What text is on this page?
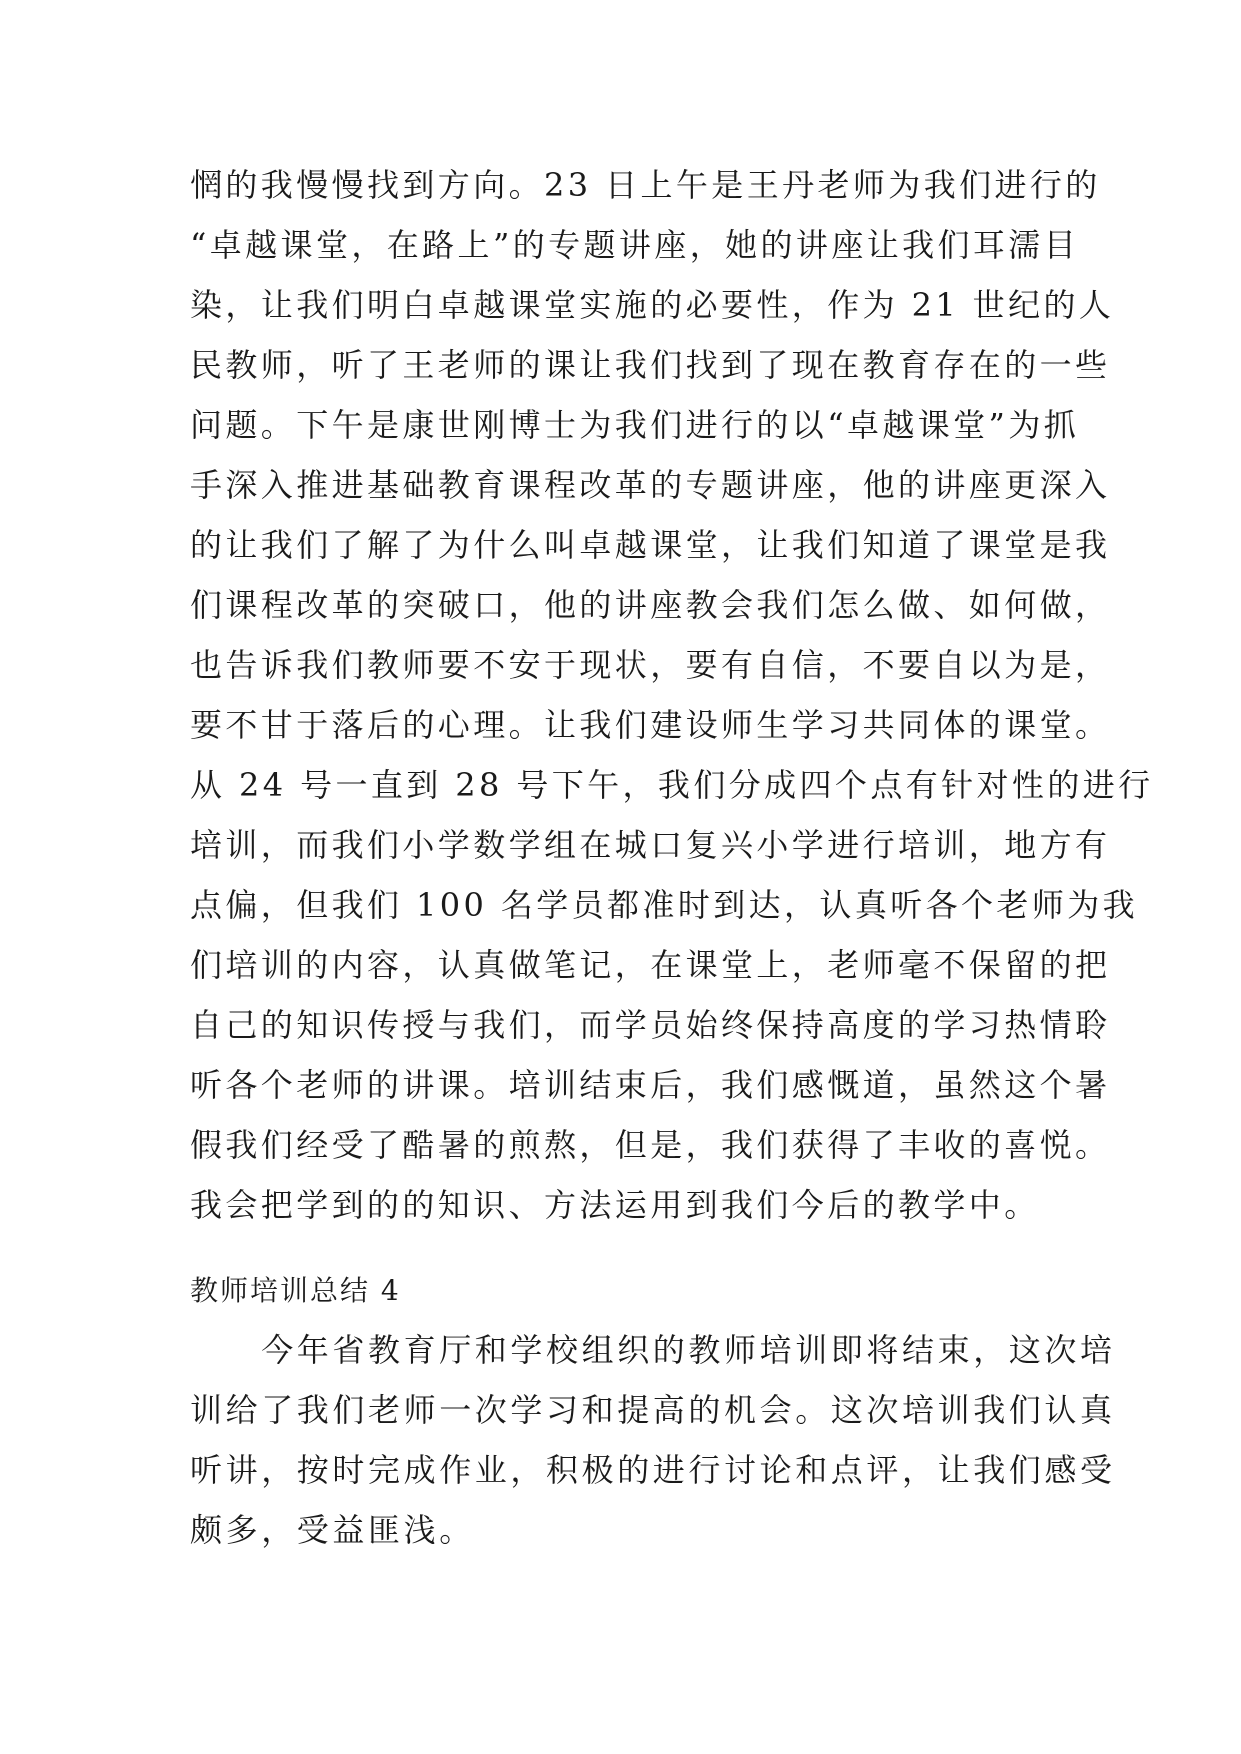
惘的我慢慢找到方向。23 日上午是王丹老师为我们进行的
“卓越课堂，在路上”的专题讲座，她的讲座让我们耳濡目
染，让我们明白卓越课堂实施的必要性，作为 21 世纪的人
民教师，听了王老师的课让我们找到了现在教育存在的一些
问题。下午是康世刚博士为我们进行的以“卓越课堂”为抓
手深入推进基础教育课程改革的专题讲座，他的讲座更深入
的让我们了解了为什么叫卓越课堂，让我们知道了课堂是我
们课程改革的突破口，他的讲座教会我们怎么做、如何做，
也告诉我们教师要不安于现状，要有自信，不要自以为是，
要不甘于落后的心理。让我们建设师生学习共同体的课堂。
从 24 号一直到 28 号下午，我们分成四个点有针对性的进行
培训，而我们小学数学组在城口复兴小学进行培训，地方有
点偏，但我们 100 名学员都准时到达，认真听各个老师为我
们培训的内容，认真做笔记，在课堂上，老师毫不保留的把
自己的知识传授与我们，而学员始终保持高度的学习热情聆
听各个老师的讲课。培训结束后，我们感慨道，虽然这个暑
假我们经受了酷暑的煎熬，但是，我们获得了丰收的喜悦。
我会把学到的的知识、方法运用到我们今后的教学中。
教师培训总结 4
　　今年省教育厅和学校组织的教师培训即将结束，这次培
训给了我们老师一次学习和提高的机会。这次培训我们认真
听讲，按时完成作业，积极的进行讨论和点评，让我们感受
颇多，受益匪浅。
